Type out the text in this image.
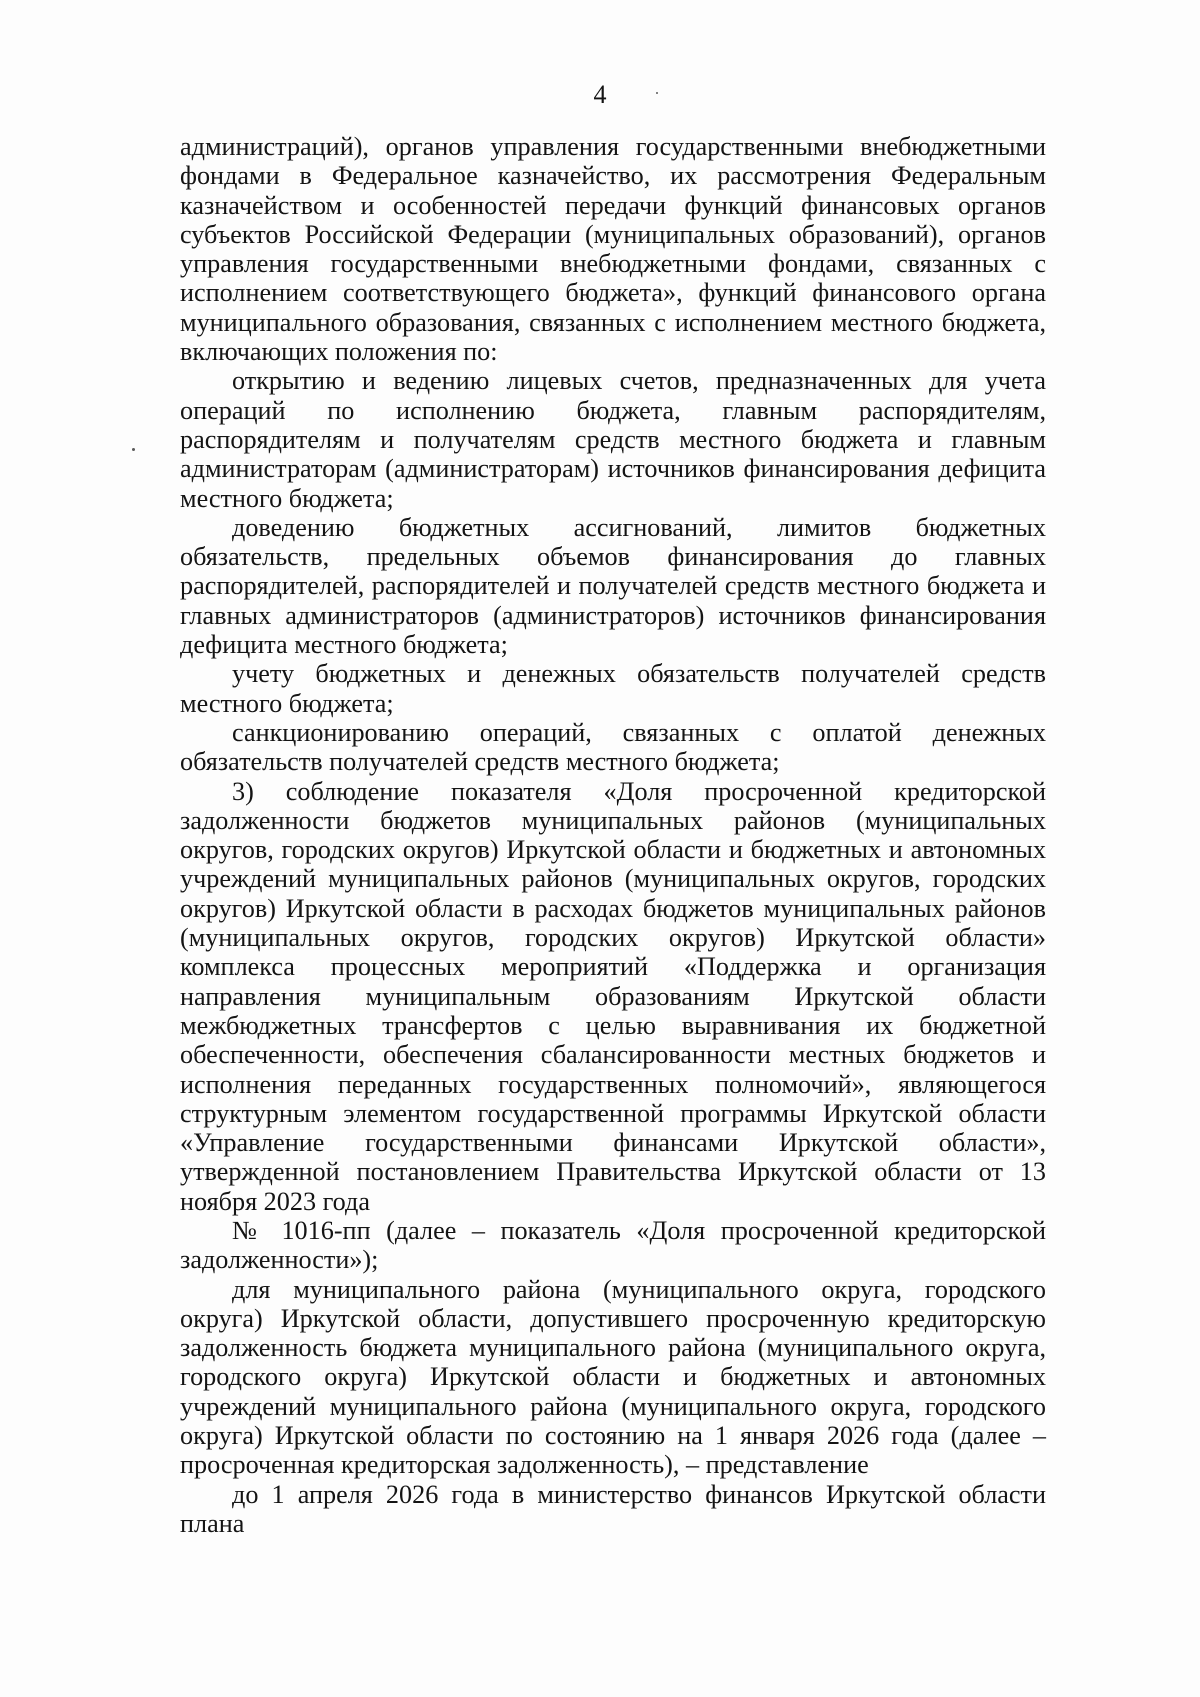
4

администраций), органов управления государственными внебюджетными фондами в Федеральное казначейство, их рассмотрения Федеральным казначейством и особенностей передачи функций финансовых органов субъектов Российской Федерации (муниципальных образований), органов управления государственными внебюджетными фондами, связанных с исполнением соответствующего бюджета», функций финансового органа муниципального образования, связанных с исполнением местного бюджета, включающих положения по:

открытию и ведению лицевых счетов, предназначенных для учета операций по исполнению бюджета, главным распорядителям, распорядителям и получателям средств местного бюджета и главным администраторам (администраторам) источников финансирования дефицита местного бюджета;

доведению бюджетных ассигнований, лимитов бюджетных обязательств, предельных объемов финансирования до главных распорядителей, распорядителей и получателей средств местного бюджета и главных администраторов (администраторов) источников финансирования дефицита местного бюджета;

учету бюджетных и денежных обязательств получателей средств местного бюджета;

санкционированию операций, связанных с оплатой денежных обязательств получателей средств местного бюджета;

3) соблюдение показателя «Доля просроченной кредиторской задолженности бюджетов муниципальных районов (муниципальных округов, городских округов) Иркутской области и бюджетных и автономных учреждений муниципальных районов (муниципальных округов, городских округов) Иркутской области в расходах бюджетов муниципальных районов (муниципальных округов, городских округов) Иркутской области» комплекса процессных мероприятий «Поддержка и организация направления муниципальным образованиям Иркутской области межбюджетных трансфертов с целью выравнивания их бюджетной обеспеченности, обеспечения сбалансированности местных бюджетов и исполнения переданных государственных полномочий», являющегося структурным элементом государственной программы Иркутской области «Управление государственными финансами Иркутской области», утвержденной постановлением Правительства Иркутской области от 13 ноября 2023 года

№ 1016-пп (далее – показатель «Доля просроченной кредиторской задолженности»);

для муниципального района (муниципального округа, городского округа) Иркутской области, допустившего просроченную кредиторскую задолженность бюджета муниципального района (муниципального округа, городского округа) Иркутской области и бюджетных и автономных учреждений муниципального района (муниципального округа, городского округа) Иркутской области по состоянию на 1 января 2026 года (далее – просроченная кредиторская задолженность), – представление

до 1 апреля 2026 года в министерство финансов Иркутской области плана
